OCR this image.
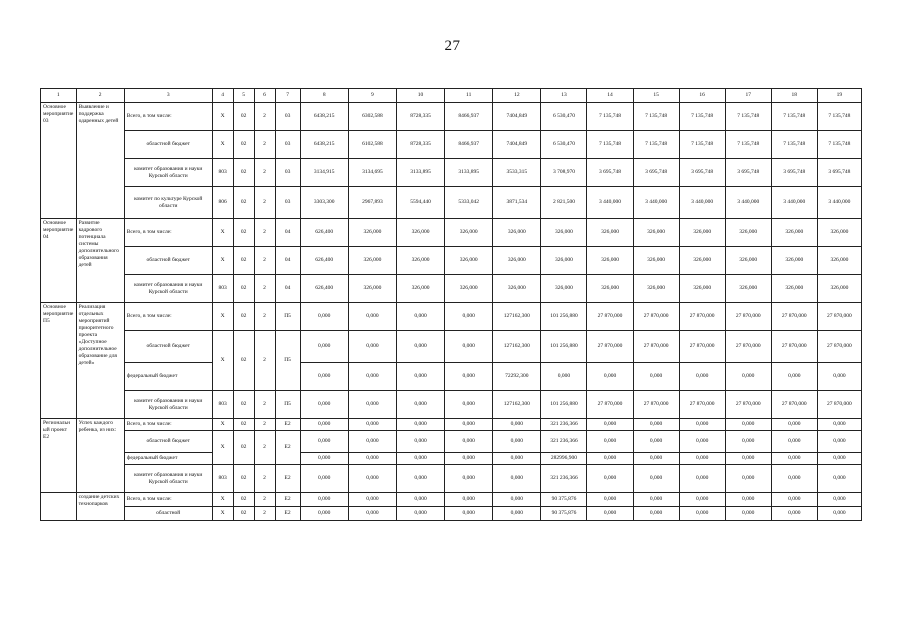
27
1	2	3	4	5	6	7	8	9	10	11	12	13	14	15	16	17	18	19
Основное мероприятие 03	Выявление и поддержка одаренных детей	Всего, в том числе:	Х	02	2	03	6438,215	6302,588	8728,335	8466,937	7404,849	6 530,470	7 135,748	7 135,748	7 135,748	7 135,748	7 135,748	7 135,748
		областной бюджет	Х	02	2	03	6438,215	6102,588	8728,335	8466,937	7404,849	6 530,470	7 135,748	7 135,748	7 135,748	7 135,748	7 135,748	7 135,748
		комитет образования и науки Курской области	803	02	2	03	3134,915	3134,695	3133,895	3133,895	3533,315	3 708,970	3 695,748	3 695,748	3 695,748	3 695,748	3 695,748	3 695,748
		комитет по культуре Курской области	806	02	2	03	3303,300	2967,893	5594,440	5333,042	3871,534	2 821,500	3 440,000	3 440,000	3 440,000	3 440,000	3 440,000	3 440,000
Основное мероприятие 04	Развитие кадрового потенциала системы дополнительного образования детей	Всего, в том числе:	Х	02	2	04	626,400	326,000	326,000	326,000	326,000	326,000	326,000	326,000	326,000	326,000	326,000	326,000
		областной бюджет	Х	02	2	04	626,400	326,000	326,000	326,000	326,000	326,000	326,000	326,000	326,000	326,000	326,000	326,000
		комитет образования и науки Курской области	803	02	2	04	626,400	326,000	326,000	326,000	326,000	326,000	326,000	326,000	326,000	326,000	326,000	326,000
Основное мероприятие П5	Реализация отдельных мероприятий приоритетного проекта «Доступное дополнительное образование для детей»	Всего, в том числе:	Х	02	2	П5	0,000	0,000	0,000	0,000	127162,300	101 256,880	27 870,000	27 870,000	27 870,000	27 870,000	27 870,000	27 870,000
		областной бюджет	Х	02	2	П5	0,000	0,000	0,000	0,000	127162,300	101 256,880	27 870,000	27 870,000	27 870,000	27 870,000	27 870,000	27 870,000
		федеральный бюджет					0,000	0,000	0,000	0,000	72292,300	0,000	0,000	0,000	0,000	0,000	0,000	0,000
		комитет образования и науки Курской области	803	02	2	П5	0,000	0,000	0,000	0,000	127162,300	101 256,880	27 870,000	27 870,000	27 870,000	27 870,000	27 870,000	27 870,000
Региональный проект Е2	Успех каждого ребенка, из них:	Всего, в том числе:	Х	02	2	Е2	0,000	0,000	0,000	0,000	0,000	321 236,366	0,000	0,000	0,000	0,000	0,000	0,000
		областной бюджет	Х	02	2	Е2	0,000	0,000	0,000	0,000	0,000	321 236,366	0,000	0,000	0,000	0,000	0,000	0,000
		федеральный бюджет					0,000	0,000	0,000	0,000	0,000	282996,900	0,000	0,000	0,000	0,000	0,000	0,000
		комитет образования и науки Курской области	803	02	2	Е2	0,000	0,000	0,000	0,000	0,000	321 236,366	0,000	0,000	0,000	0,000	0,000	0,000
	создание детских технопарков	Всего, в том числе:	Х	02	2	Е2	0,000	0,000	0,000	0,000	0,000	90 375,876	0,000	0,000	0,000	0,000	0,000	0,000
		областной	Х	02	2	Е2	0,000	0,000	0,000	0,000	0,000	90 375,876	0,000	0,000	0,000	0,000	0,000	0,000
